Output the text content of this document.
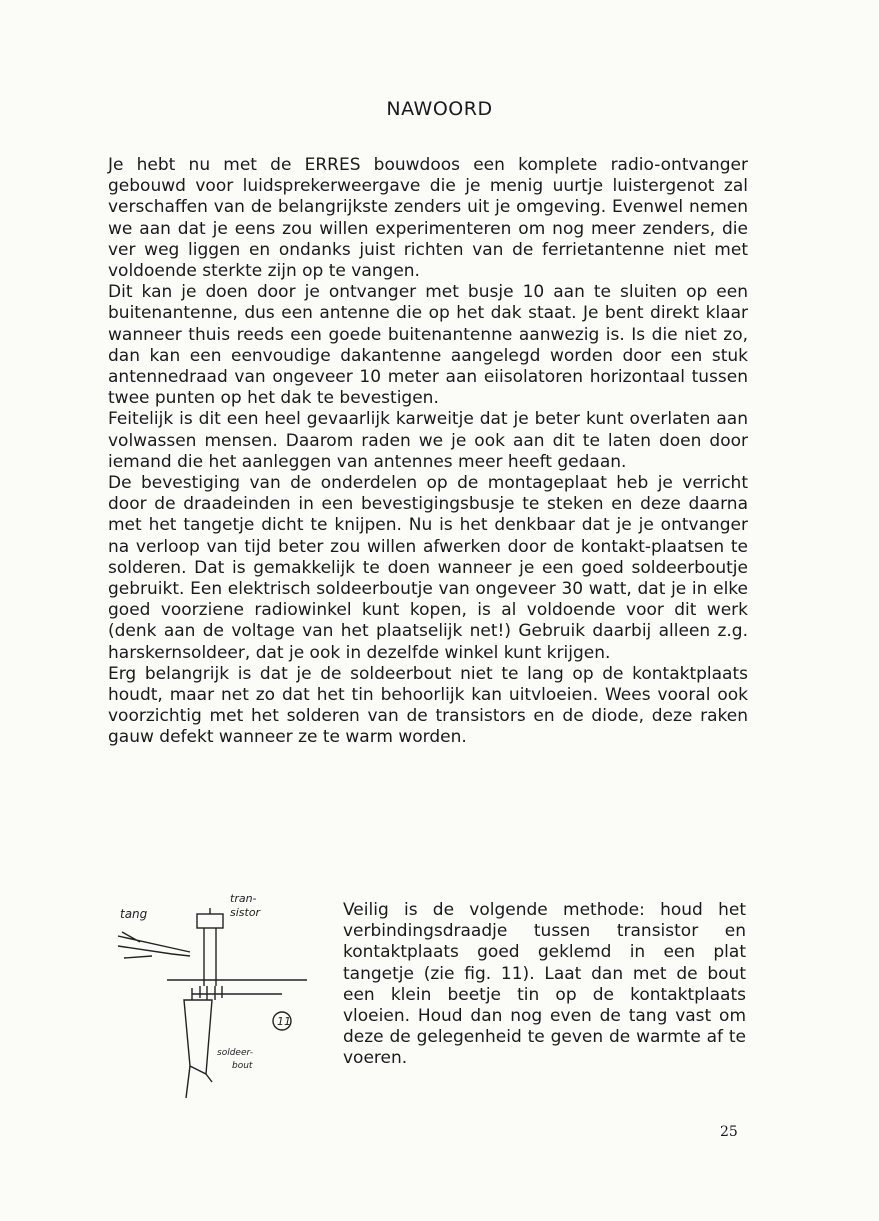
NAWOORD

Je hebt nu met de ERRES bouwdoos een komplete radio-ontvanger gebouwd voor luidsprekerweergave die je menig uurtje luistergenot zal verschaffen van de belangrijkste zenders uit je omgeving. Evenwel nemen we aan dat je eens zou willen experimenteren om nog meer zenders, die ver weg liggen en ondanks juist richten van de ferrietantenne niet met voldoende sterkte zijn op te vangen.

Dit kan je doen door je ontvanger met busje 10 aan te sluiten op een buitenantenne, dus een antenne die op het dak staat. Je bent direkt klaar wanneer thuis reeds een goede buitenantenne aanwezig is. Is die niet zo, dan kan een eenvoudige dakantenne aangelegd worden door een stuk antennedraad van ongeveer 10 meter aan eiisolatoren horizontaal tussen twee punten op het dak te bevestigen.

Feitelijk is dit een heel gevaarlijk karweitje dat je beter kunt overlaten aan volwassen mensen. Daarom raden we je ook aan dit te laten doen door iemand die het aanleggen van antennes meer heeft gedaan.

De bevestiging van de onderdelen op de montageplaat heb je verricht door de draadeinden in een bevestigingsbusje te steken en deze daarna met het tangetje dicht te knijpen. Nu is het denkbaar dat je je ontvanger na verloop van tijd beter zou willen afwerken door de kontakt-plaatsen te solderen. Dat is gemakkelijk te doen wanneer je een goed soldeerboutje gebruikt. Een elektrisch soldeerboutje van ongeveer 30 watt, dat je in elke goed voorziene radiowinkel kunt kopen, is al voldoende voor dit werk (denk aan de voltage van het plaatselijk net!) Gebruik daarbij alleen z.g. harskernsoldeer, dat je ook in dezelfde winkel kunt krijgen.

Erg belangrijk is dat je de soldeerbout niet te lang op de kontaktplaats houdt, maar net zo dat het tin behoorlijk kan uitvloeien. Wees vooral ook voorzichtig met het solderen van de transistors en de diode, deze raken gauw defekt wanneer ze te warm worden.

tang
tran-
sistor
soldeer-
bout
11

Veilig is de volgende methode: houd het verbindingsdraadje tussen transistor en kontaktplaats goed geklemd in een plat tangetje (zie fig. 11). Laat dan met de bout een klein beetje tin op de kontaktplaats vloeien. Houd dan nog even de tang vast om deze de gelegenheid te geven de warmte af te voeren.

25
